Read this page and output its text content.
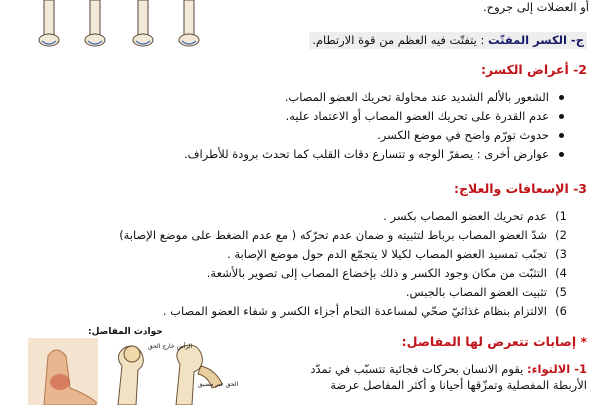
أو العضلات إلى جروح.
ج- الكسر المفتّت : يتفتّت فيه العظم من قوة الارتطام.
2- أعراض الكسر:
الشعور بالألم الشديد عند محاولة تحريك العضو المصاب.
عدم القدرة على تحريك العضو المصاب أو الاعتماد عليه.
حدوث تورّم واضح في موضع الكسر.
عوارض أخرى : يصفرّ الوجه و تتسارع دقات القلب كما تحدث برودة للأطراف.
3- الإسعافات والعلاج:
1)
عدم تحريك العضو المصاب بكسر .
2)
شدّ العضو المصاب برباط لتثبيته و ضمان عدم تحرّكه ( مع عدم الضغط على موضع الإصابة)
3)
تجنّب تمسيد العضو المصاب لكيلا لا يتجمّع الدم حول موضع الإصابة .
4)
التثبّت من مكان وجود الكسر و ذلك بإخضاع المصاب إلى تصوير بالأشعة.
5)
تثبيت العضو المصاب بالجبس.
6)
الالتزام بنظام غذائيّ صحّي لمساعدة التحام أجزاء الكسر و شفاء العضو المصاب .
* إصابات تتعرض لها المفاصل:
1- الالتواء: يقوم الانسان بحركات فجائية تتسبّب في تمدّد
الأربطة المفصلية وتمزّقها أحيانا و أكثر المفاصل عرضة
حوادث المفاصل:
الرأس خارج الحق
الحق عبر مضيق
